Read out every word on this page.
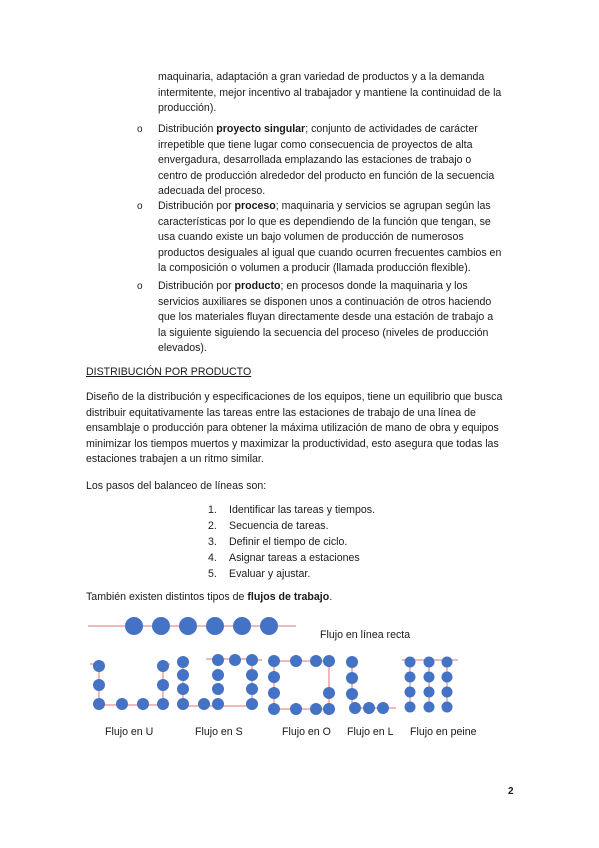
maquinaria, adaptación a gran variedad de productos y a la demanda intermitente, mejor incentivo al trabajador y mantiene la continuidad de la producción).
o Distribución proyecto singular; conjunto de actividades de carácter irrepetible que tiene lugar como consecuencia de proyectos de alta envergadura, desarrollada emplazando las estaciones de trabajo o centro de producción alrededor del producto en función de la secuencia adecuada del proceso.
o Distribución por proceso; maquinaria y servicios se agrupan según las características por lo que es dependiendo de la función que tengan, se usa cuando existe un bajo volumen de producción de numerosos productos desiguales al igual que cuando ocurren frecuentes cambios en la composición o volumen a producir (llamada producción flexible).
o Distribución por producto; en procesos donde la maquinaria y los servicios auxiliares se disponen unos a continuación de otros haciendo que los materiales fluyan directamente desde una estación de trabajo a la siguiente siguiendo la secuencia del proceso (niveles de producción elevados).
DISTRIBUCIÓN POR PRODUCTO
Diseño de la distribución y especificaciones de los equipos, tiene un equilibrio que busca distribuir equitativamente las tareas entre las estaciones de trabajo de una línea de ensamblaje o producción para obtener la máxima utilización de mano de obra y equipos minimizar los tiempos muertos y maximizar la productividad, esto asegura que todas las estaciones trabajen a un ritmo similar.
Los pasos del balanceo de líneas son:
1. Identificar las tareas y tiempos.
2. Secuencia de tareas.
3. Definir el tiempo de ciclo.
4. Asignar tareas a estaciones
5. Evaluar y ajustar.
También existen distintos tipos de flujos de trabajo.
Flujo en línea recta
Flujo en U	Flujo en S	Flujo en O Flujo en L Flujo en peine
2
